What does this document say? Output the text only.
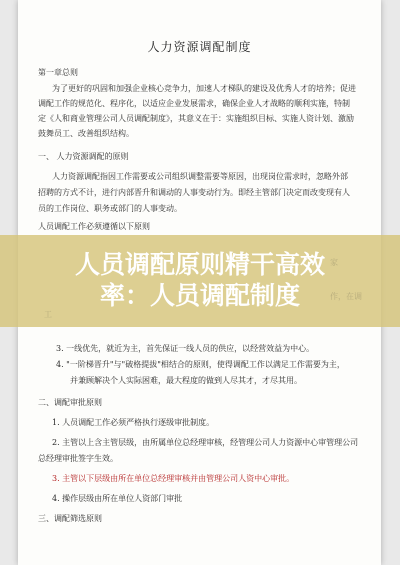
人力资源调配制度
第一章总则
为了更好的巩固和加强企业核心竞争力，加速人才梯队的建设及优秀人才的培养；促进
调配工作的规范化、程序化，以适应企业发展需求，确保企业人才战略的顺利实施，特制
定《人和商业管理公司人员调配制度》，其意义在于：实施组织目标、实施人资计划、激励
鼓舞员工、改善组织结构。
一、 人力资源调配的原则
人力资源调配指因工作需要或公司组织调整需要等原因，出现岗位需求时，忽略外部
招聘的方式不计，进行内部晋升和调动的人事变动行为。即经主管部门决定而改变现有人
员的工作岗位、职务或部门的人事变动。
人员调配工作必须遵循以下原则
3. 一线优先，就近为主，首先保证一线人员的供应，以经营效益为中心。
4. "一阶梯晋升"与"破格提拔"相结合的原则，使得调配工作以满足工作需要为主，
并兼顾解决个人实际困难，最大程度的做到人尽其才，才尽其用。
二、调配审批原则
1. 人员调配工作必须严格执行逐级审批制度。
2. 主管以上含主管层级，由所属单位总经理审核，经管理公司人力资源中心审管理公司
总经理审批签字生效。
3. 主管以下层级由所在单位总经理审核并由管理公司人资中心审批。
4. 操作层级由所在单位人资部门审批
三、调配筛选原则
家
作，在调
工
人员调配原则精干高效
率：人员调配制度
